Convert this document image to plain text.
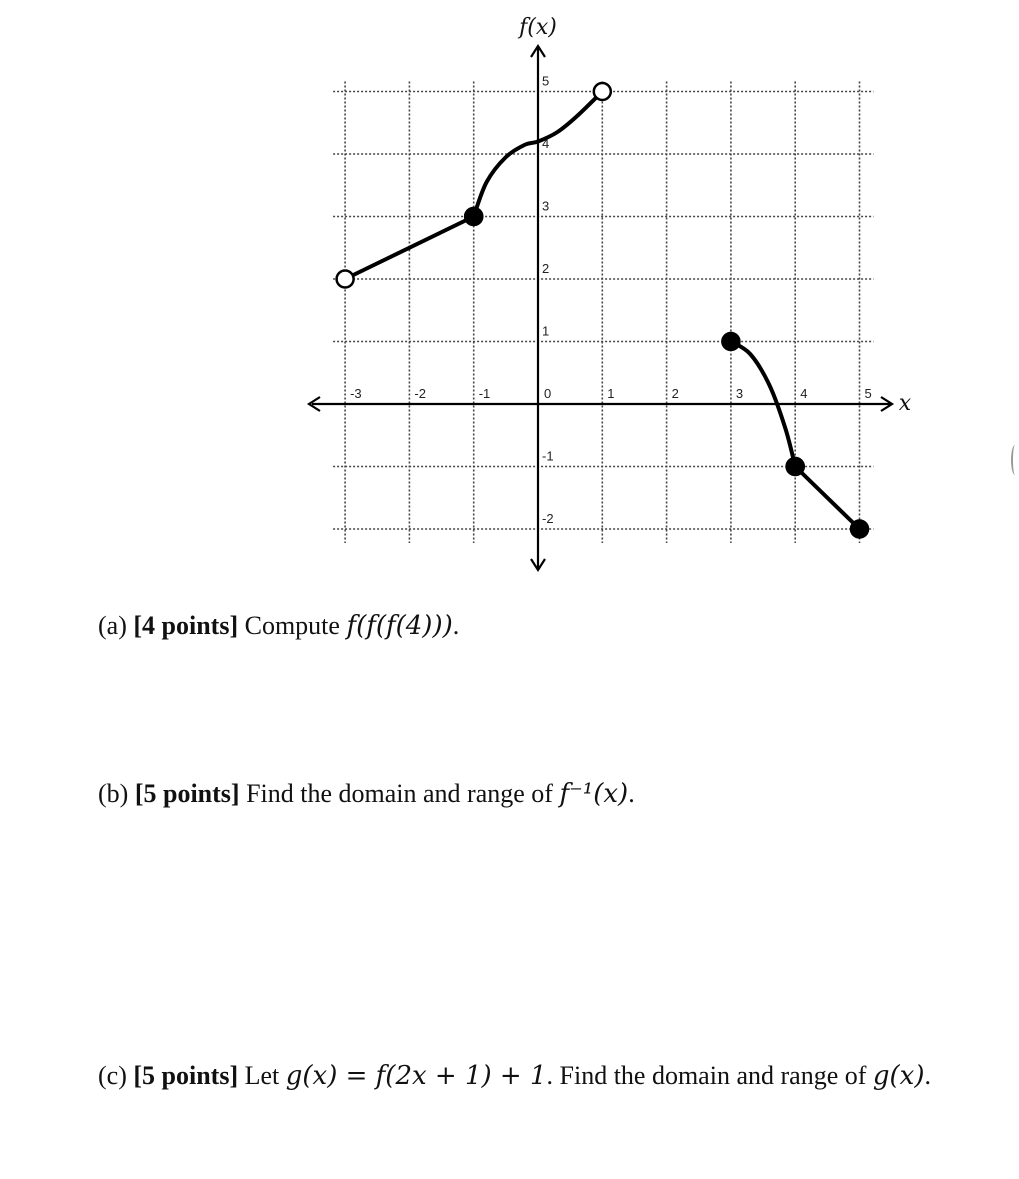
-3	-2	-1	0	1	2	3	4	5
5
4
3
2
1
-1
-2
f(x)
x
(a) [4 points] Compute f(f(f(4))).
(b) [5 points] Find the domain and range of f⁻¹(x).
(c) [5 points] Let g(x) = f(2x + 1) + 1. Find the domain and range of g(x).
